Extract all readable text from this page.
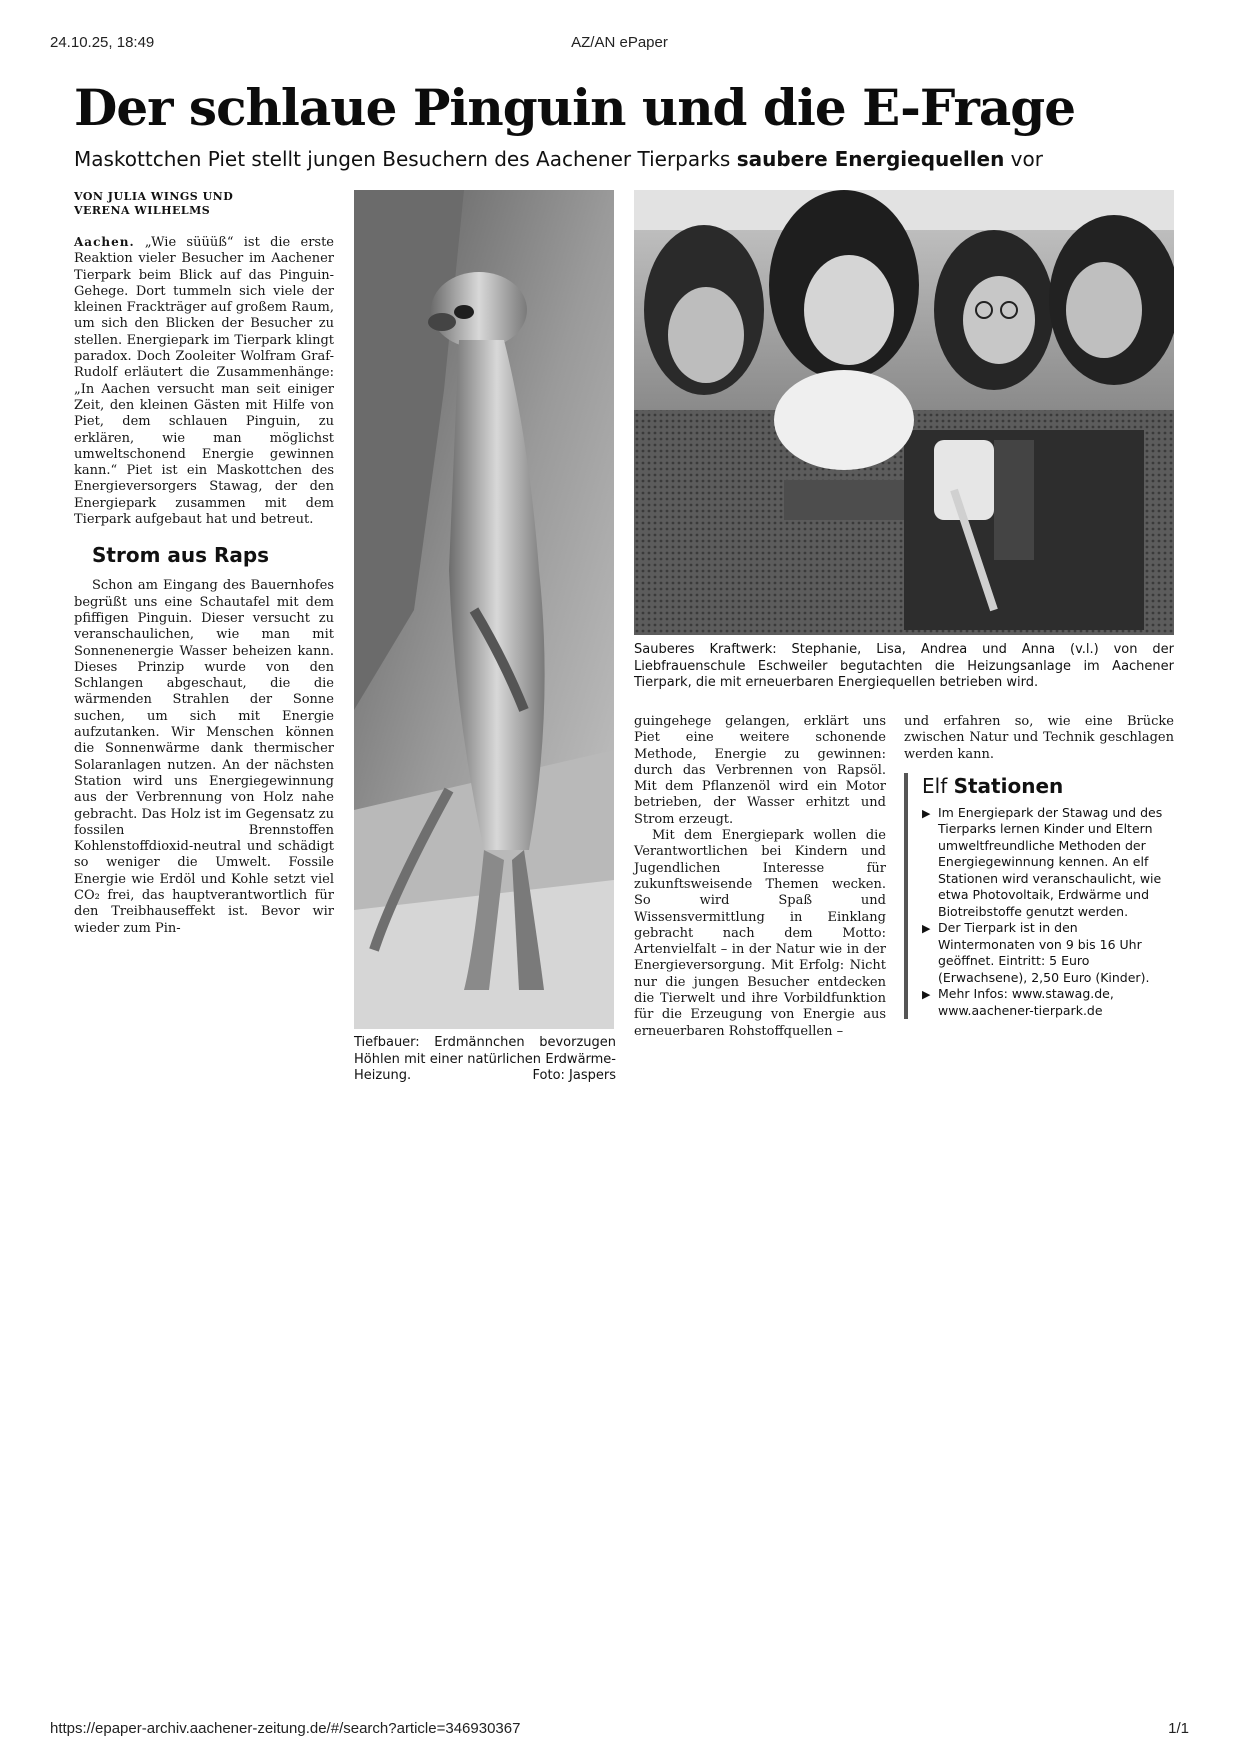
24.10.25, 18:49	AZ/AN ePaper
Der schlaue Pinguin und die E-Frage

Maskottchen Piet stellt jungen Besuchern des Aachener Tierparks saubere Energiequellen vor

VON JULIA WINGS UND
VERENA WILHELMS

Aachen. „Wie süüüß“ ist die erste Reaktion vieler Besucher im Aachener Tierpark beim Blick auf das Pinguin-Gehege. Dort tummeln sich viele der kleinen Frackträger auf großem Raum, um sich den Blicken der Besucher zu stellen. Energiepark im Tierpark klingt paradox. Doch Zooleiter Wolfram Graf-Rudolf erläutert die Zusammenhänge: „In Aachen versucht man seit einiger Zeit, den kleinen Gästen mit Hilfe von Piet, dem schlauen Pinguin, zu erklären, wie man möglichst umweltschonend Energie gewinnen kann.“ Piet ist ein Maskottchen des Energieversorgers Stawag, der den Energiepark zusammen mit dem Tierpark aufgebaut hat und betreut.

Strom aus Raps

Schon am Eingang des Bauernhofes begrüßt uns eine Schautafel mit dem pfiffigen Pinguin. Dieser versucht zu veranschaulichen, wie man mit Sonnenenergie Wasser beheizen kann. Dieses Prinzip wurde von den Schlangen abgeschaut, die die wärmenden Strahlen der Sonne suchen, um sich mit Energie aufzutanken. Wir Menschen können die Sonnenwärme dank thermischer Solaranlagen nutzen. An der nächsten Station wird uns Energiegewinnung aus der Verbrennung von Holz nahe gebracht. Das Holz ist im Gegensatz zu fossilen Brennstoffen Kohlenstoffdioxid-neutral und schädigt so weniger die Umwelt. Fossile Energie wie Erdöl und Kohle setzt viel CO₂ frei, das hauptverantwortlich für den Treibhauseffekt ist. Bevor wir wieder zum Pin-

Tiefbauer: Erdmännchen bevorzugen Höhlen mit einer natürlichen Erdwärme-Heizung.	Foto: Jaspers

Sauberes Kraftwerk: Stephanie, Lisa, Andrea und Anna (v.l.) von der Liebfrauenschule Eschweiler begutachten die Heizungsanlage im Aachener Tierpark, die mit erneuerbaren Energiequellen betrieben wird.

guingehege gelangen, erklärt uns Piet eine weitere schonende Methode, Energie zu gewinnen: durch das Verbrennen von Rapsöl. Mit dem Pflanzenöl wird ein Motor betrieben, der Wasser erhitzt und Strom erzeugt.

Mit dem Energiepark wollen die Verantwortlichen bei Kindern und Jugendlichen Interesse für zukunftsweisende Themen wecken. So wird Spaß und Wissensvermittlung in Einklang gebracht nach dem Motto: Artenvielfalt – in der Natur wie in der Energieversorgung. Mit Erfolg: Nicht nur die jungen Besucher entdecken die Tierwelt und ihre Vorbildfunktion für die Erzeugung von Energie aus erneuerbaren Rohstoffquellen –

und erfahren so, wie eine Brücke zwischen Natur und Technik geschlagen werden kann.

Elf Stationen

▶ Im Energiepark der Stawag und des Tierparks lernen Kinder und Eltern umweltfreundliche Methoden der Energiegewinnung kennen. An elf Stationen wird veranschaulicht, wie etwa Photovoltaik, Erdwärme und Biotreibstoffe genutzt werden.
▶ Der Tierpark ist in den Wintermonaten von 9 bis 16 Uhr geöffnet. Eintritt: 5 Euro (Erwachsene), 2,50 Euro (Kinder).
▶ Mehr Infos: www.stawag.de, www.aachener-tierpark.de
https://epaper-archiv.aachener-zeitung.de/#/search?article=346930367	1/1
